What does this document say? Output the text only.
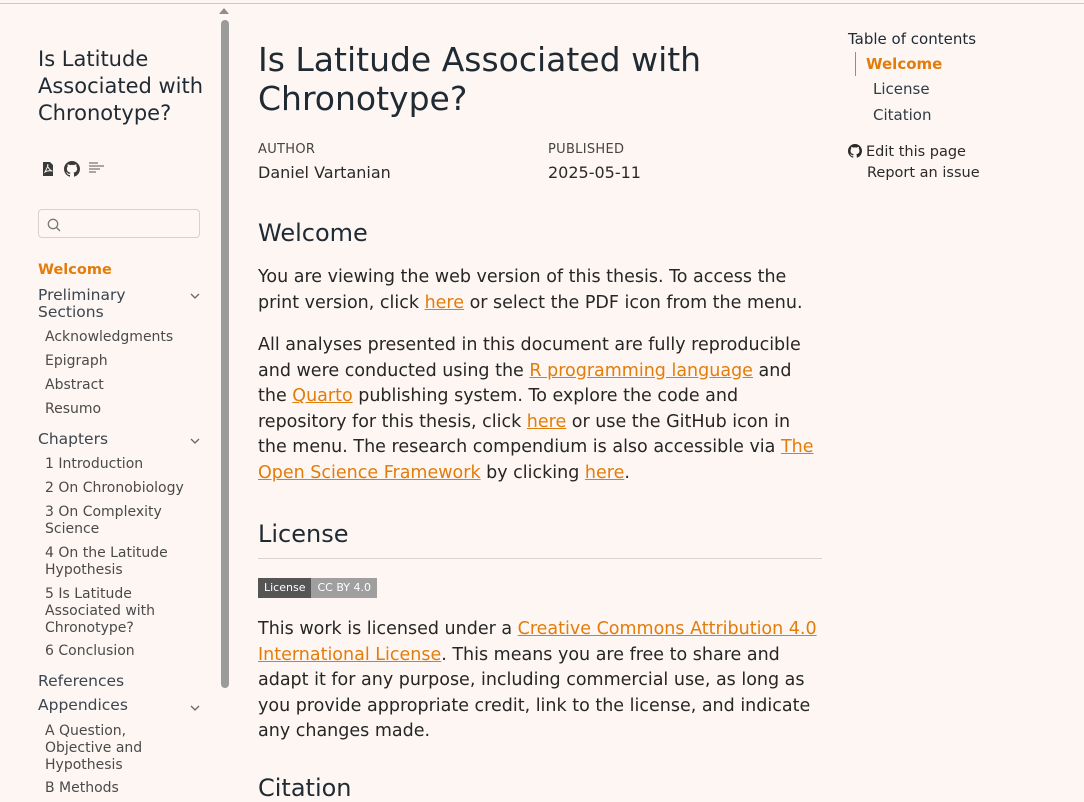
Is Latitude Associated with Chronotype?
Welcome
Preliminary Sections
Acknowledgments
Epigraph
Abstract
Resumo
Chapters
1 Introduction
2 On Chronobiology
3 On Complexity Science
4 On the Latitude Hypothesis
5 Is Latitude Associated with Chronotype?
6 Conclusion
References
Appendices
A Question, Objective and Hypothesis
B Methods
Is Latitude Associated with Chronotype?
AUTHOR
Daniel Vartanian
PUBLISHED
2025-05-11
Welcome

You are viewing the web version of this thesis. To access the print version, click here or select the PDF icon from the menu.

All analyses presented in this document are fully reproducible and were conducted using the R programming language and the Quarto publishing system. To explore the code and repository for this thesis, click here or use the GitHub icon in the menu. The research compendium is also accessible via The Open Science Framework by clicking here.

License
License	CC BY 4.0

This work is licensed under a Creative Commons Attribution 4.0 International License. This means you are free to share and adapt it for any purpose, including commercial use, as long as you provide appropriate credit, link to the license, and indicate any changes made.

Citation
Table of contents
Welcome
License
Citation
Edit this page
Report an issue
